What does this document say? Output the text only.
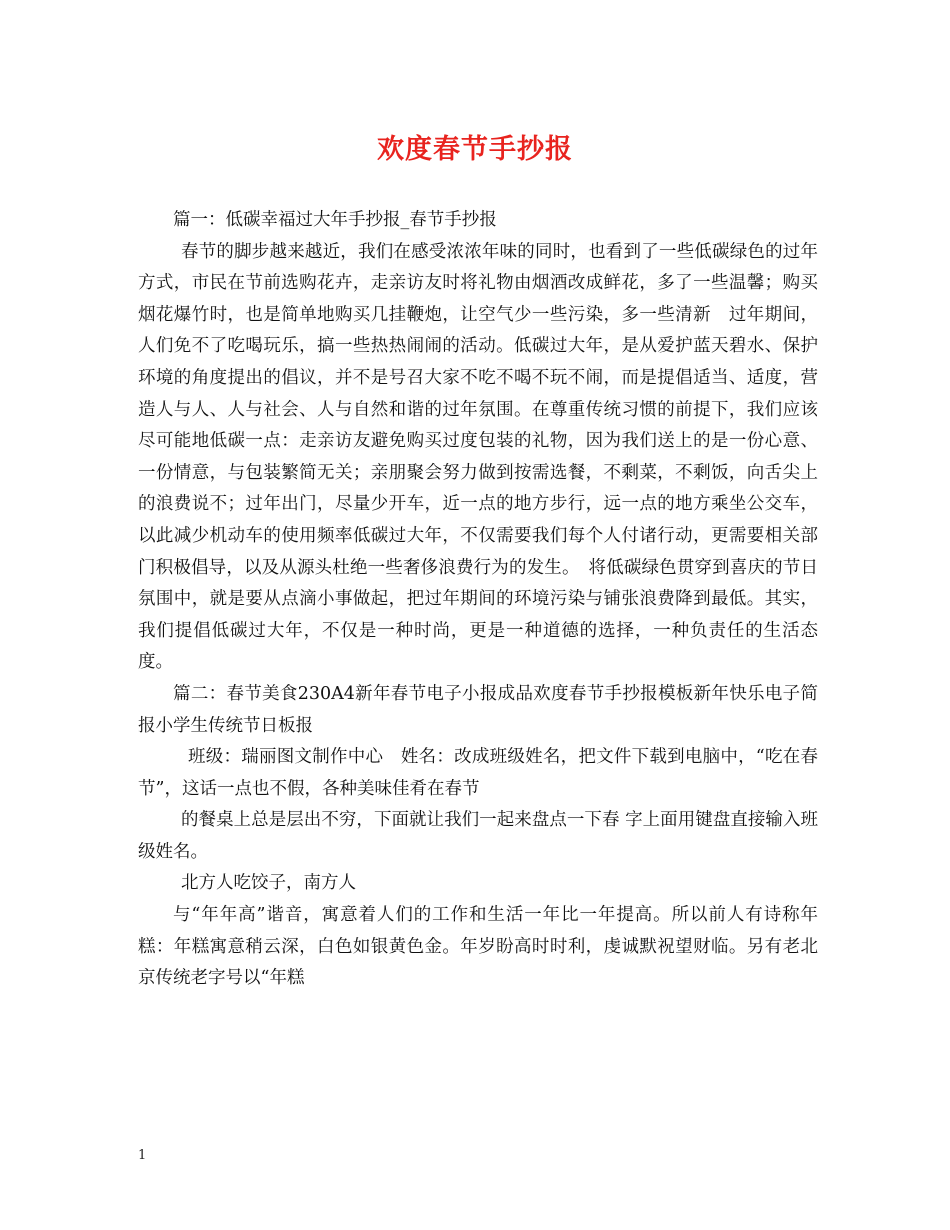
欢度春节手抄报

篇一：低碳幸福过大年手抄报_春节手抄报

春节的脚步越来越近，我们在感受浓浓年味的同时，也看到了一些低碳绿色的过年方式，市民在节前选购花卉，走亲访友时将礼物由烟酒改成鲜花，多了一些温馨；购买烟花爆竹时，也是简单地购买几挂鞭炮，让空气少一些污染，多一些清新　过年期间，人们免不了吃喝玩乐，搞一些热热闹闹的活动。低碳过大年，是从爱护蓝天碧水、保护环境的角度提出的倡议，并不是号召大家不吃不喝不玩不闹，而是提倡适当、适度，营造人与人、人与社会、人与自然和谐的过年氛围。在尊重传统习惯的前提下，我们应该尽可能地低碳一点：走亲访友避免购买过度包装的礼物，因为我们送上的是一份心意、一份情意，与包装繁简无关；亲朋聚会努力做到按需选餐，不剩菜，不剩饭，向舌尖上的浪费说不；过年出门，尽量少开车，近一点的地方步行，远一点的地方乘坐公交车，以此减少机动车的使用频率低碳过大年，不仅需要我们每个人付诸行动，更需要相关部门积极倡导，以及从源头杜绝一些奢侈浪费行为的发生。　将低碳绿色贯穿到喜庆的节日氛围中，就是要从点滴小事做起，把过年期间的环境污染与铺张浪费降到最低。其实，我们提倡低碳过大年，不仅是一种时尚，更是一种道德的选择，一种负责任的生活态度。

篇二：春节美食230A4新年春节电子小报成品欢度春节手抄报模板新年快乐电子简报小学生传统节日板报

班级：瑞丽图文制作中心　姓名：改成班级姓名，把文件下载到电脑中，“吃在春节”，这话一点也不假，各种美味佳肴在春节

的餐桌上总是层出不穷，下面就让我们一起来盘点一下春 字上面用键盘直接输入班级姓名。

北方人吃饺子，南方人

与“年年高”谐音，寓意着人们的工作和生活一年比一年提高。所以前人有诗称年糕：年糕寓意稍云深，白色如银黄色金。年岁盼高时时利，虔诚默祝望财临。另有老北京传统老字号以“年糕

1
